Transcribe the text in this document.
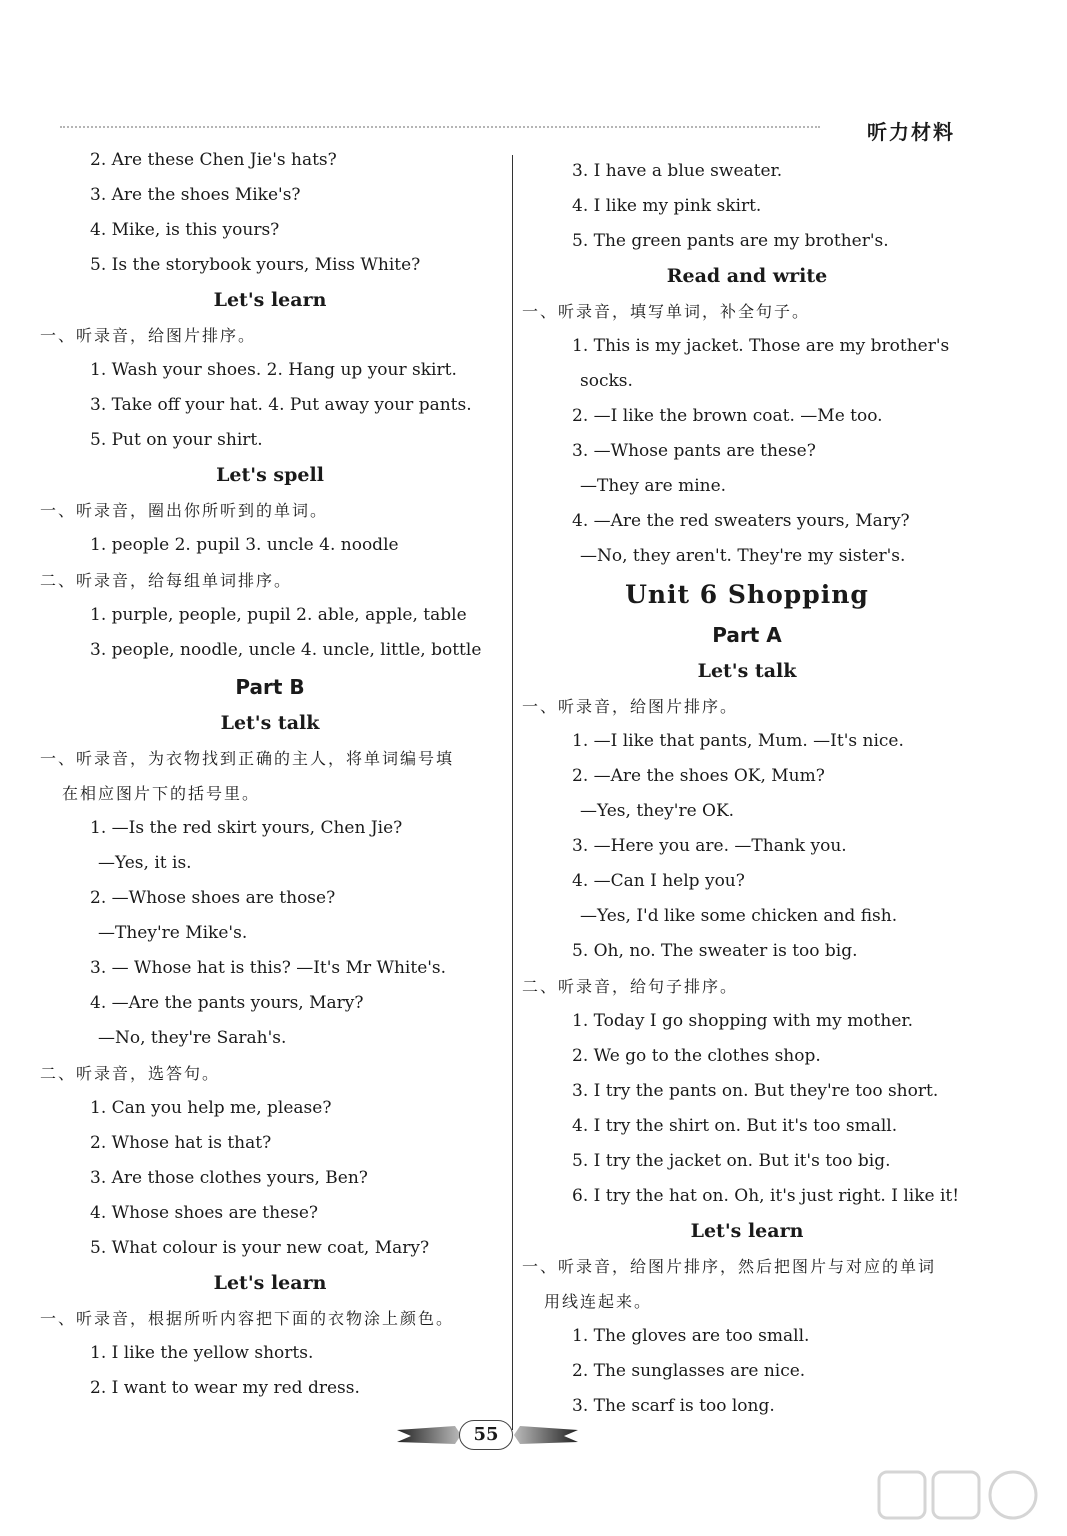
听力材料
2. Are these Chen Jie's hats?
3. Are the shoes Mike's?
4. Mike, is this yours?
5. Is the storybook yours, Miss White?
Let's learn
一、听录音，给图片排序。
1. Wash your shoes. 2. Hang up your skirt.
3. Take off your hat. 4. Put away your pants.
5. Put on your shirt.
Let's spell
一、听录音，圈出你所听到的单词。
1. people 2. pupil 3. uncle 4. noodle
二、听录音，给每组单词排序。
1. purple, people, pupil 2. able, apple, table
3. people, noodle, uncle 4. uncle, little, bottle
Part B
Let's talk
一、听录音，为衣物找到正确的主人，将单词编号填
在相应图片下的括号里。
1. —Is the red skirt yours, Chen Jie?
—Yes, it is.
2. —Whose shoes are those?
—They're Mike's.
3. — Whose hat is this? —It's Mr White's.
4. —Are the pants yours, Mary?
—No, they're Sarah's.
二、听录音，选答句。
1. Can you help me, please?
2. Whose hat is that?
3. Are those clothes yours, Ben?
4. Whose shoes are these?
5. What colour is your new coat, Mary?
Let's learn
一、听录音，根据所听内容把下面的衣物涂上颜色。
1. I like the yellow shorts.
2. I want to wear my red dress.
3. I have a blue sweater.
4. I like my pink skirt.
5. The green pants are my brother's.
Read and write
一、听录音，填写单词，补全句子。
1. This is my jacket. Those are my brother's
socks.
2. —I like the brown coat. —Me too.
3. —Whose pants are these?
—They are mine.
4. —Are the red sweaters yours, Mary?
—No, they aren't. They're my sister's.
Unit 6 Shopping
Part A
Let's talk
一、听录音，给图片排序。
1. —I like that pants, Mum. —It's nice.
2. —Are the shoes OK, Mum?
—Yes, they're OK.
3. —Here you are. —Thank you.
4. —Can I help you?
—Yes, I'd like some chicken and fish.
5. Oh, no. The sweater is too big.
二、听录音，给句子排序。
1. Today I go shopping with my mother.
2. We go to the clothes shop.
3. I try the pants on. But they're too short.
4. I try the shirt on. But it's too small.
5. I try the jacket on. But it's too big.
6. I try the hat on. Oh, it's just right. I like it!
Let's learn
一、听录音，给图片排序，然后把图片与对应的单词
用线连起来。
1. The gloves are too small.
2. The sunglasses are nice.
3. The scarf is too long.
55
